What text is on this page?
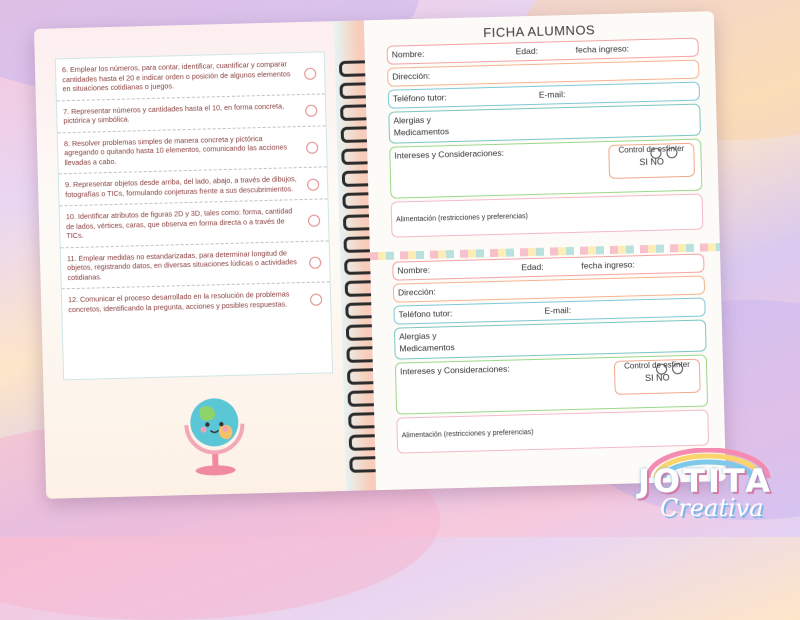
6. Emplear los números, para contar, identificar, cuantificar y comparar cantidades hasta el 20 e indicar orden o posición de algunos elementos en situaciones cotidianas o juegos.
7. Representar números y cantidades hasta el 10, en forma concreta, pictórica y simbólica.
8. Resolver problemas simples de manera concreta y pictórica agregando o quitando hasta 10 elementos, comunicando las acciones llevadas a cabo.
9. Representar objetos desde arriba, del lado, abajo, a través de dibujos, fotografías o TICs, formulando conjeturas frente a sus descubrimientos.
10. Identificar atributos de figuras 2D y 3D, tales como: forma, cantidad de lados, vértices, caras, que observa en forma directa o a través de TICs.
11. Emplear medidas no estandarizadas, para determinar longitud de objetos, registrando datos, en diversas situaciones lúdicas o actividades cotidianas.
12. Comunicar el proceso desarrollado en la resolución de problemas concretos, identificando la pregunta, acciones y posibles respuestas.
FICHA ALUMNOS
Nombre:	Edad:	fecha ingreso:
Dirección:
Teléfono tutor:	E-mail:
Alergias y
Medicamentos
Intereses y Consideraciones:	Control de esfínter
SI NO
Alimentación (restricciones y preferencias)
Nombre:	Edad:	fecha ingreso:
Dirección:
Teléfono tutor:	E-mail:
Alergias y
Medicamentos
Intereses y Consideraciones:	Control de esfínter
SI NO
Alimentación (restricciones y preferencias)
JOTITA
Creativa
